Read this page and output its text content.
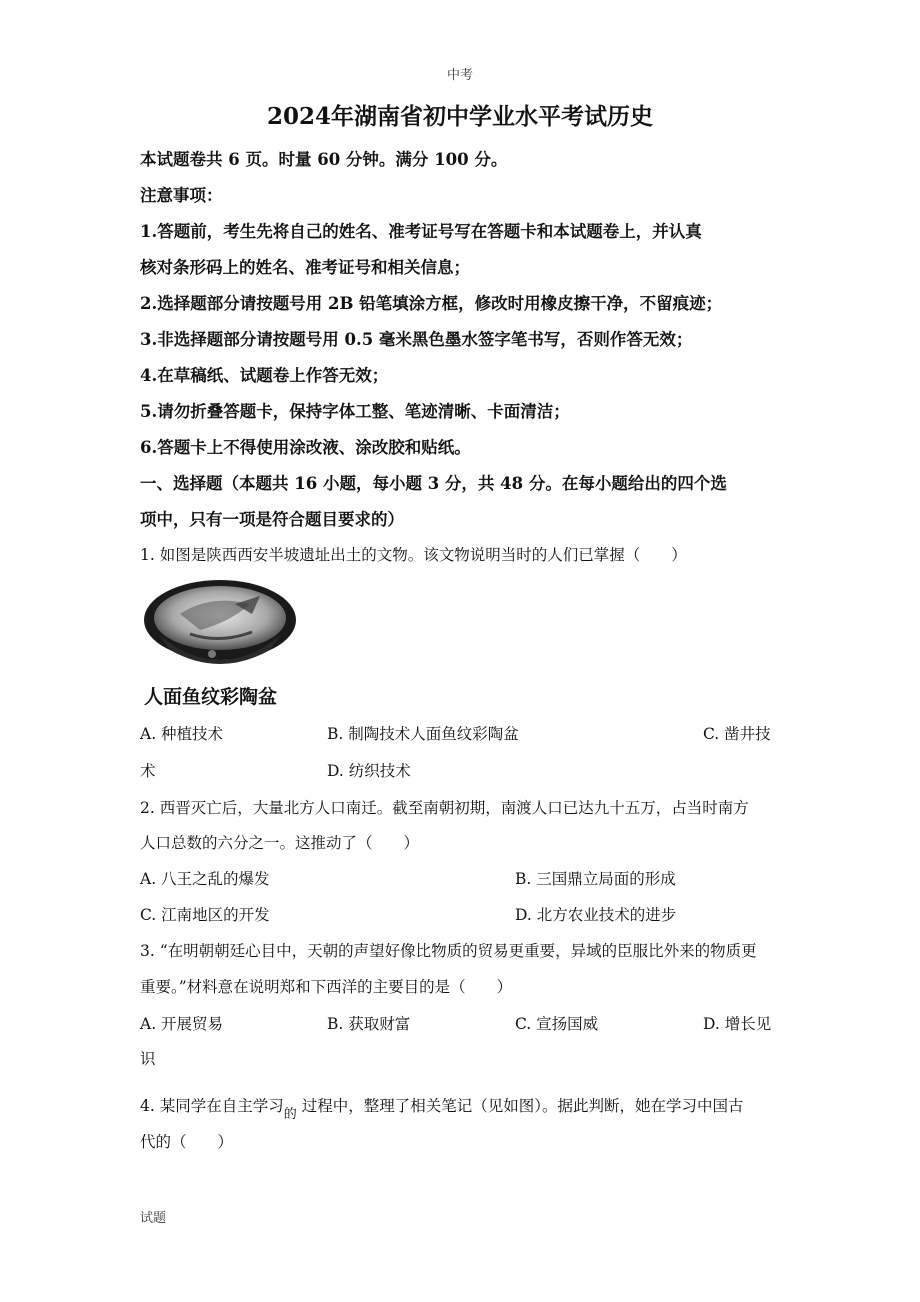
中考
2024年湖南省初中学业水平考试历史
本试题卷共 6 页。时量 60 分钟。满分 100 分。
注意事项：
1.答题前，考生先将自己的姓名、准考证号写在答题卡和本试题卷上，并认真
核对条形码上的姓名、准考证号和相关信息；
2.选择题部分请按题号用 2B 铅笔填涂方框，修改时用橡皮擦干净，不留痕迹；
3.非选择题部分请按题号用 0.5 毫米黑色墨水签字笔书写，否则作答无效；
4.在草稿纸、试题卷上作答无效；
5.请勿折叠答题卡，保持字体工整、笔迹清晰、卡面清洁；
6.答题卡上不得使用涂改液、涂改胶和贴纸。
一、选择题（本题共 16 小题，每小题 3 分，共 48 分。在每小题给出的四个选
项中，只有一项是符合题目要求的）
1. 如图是陕西西安半坡遗址出土的文物。该文物说明当时的人们已掌握（　　）
人面鱼纹彩陶盆
A. 种植技术	B. 制陶技术人面鱼纹彩陶盆	C. 凿井技
术	D. 纺织技术
2. 西晋灭亡后，大量北方人口南迁。截至南朝初期，南渡人口已达九十五万，占当时南方
人口总数的六分之一。这推动了（　　）
A. 八王之乱的爆发	B. 三国鼎立局面的形成
C. 江南地区的开发	D. 北方农业技术的进步
3. “在明朝朝廷心目中，天朝的声望好像比物质的贸易更重要，异域的臣服比外来的物质更
重要。”材料意在说明郑和下西洋的主要目的是（　　）
A. 开展贸易	B. 获取财富	C. 宣扬国威	D. 增长见
识
4. 某同学在自主学习 的 过程中，整理了相关笔记（见如图）。据此判断，她在学习中国古
代的（　　）
试题
